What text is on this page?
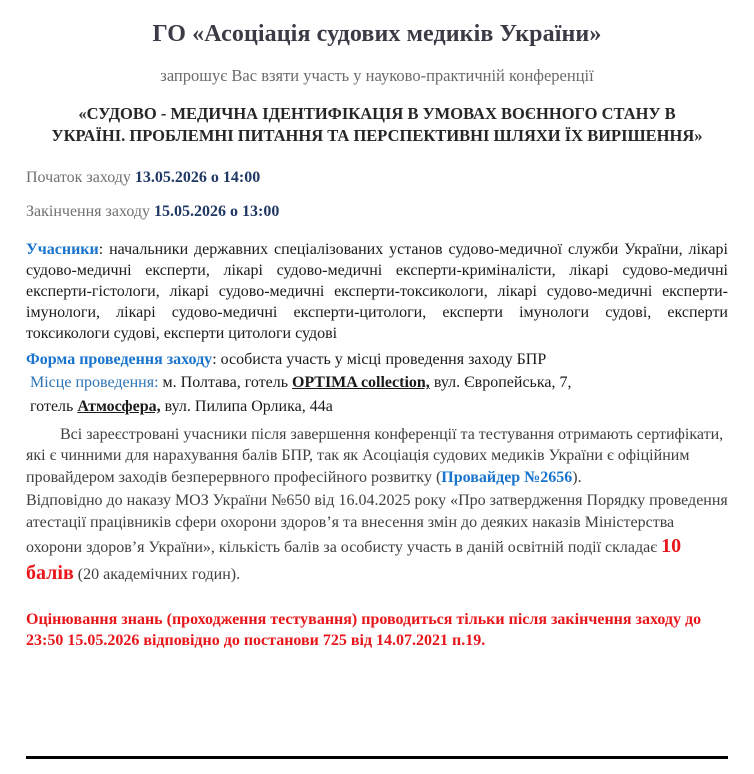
ГО «Асоціація судових медиків України»

запрошує Вас взяти участь у науково-практичній конференції

«СУДОВО - МЕДИЧНА ІДЕНТИФІКАЦІЯ В УМОВАХ ВОЄННОГО СТАНУ В УКРАЇНІ. ПРОБЛЕМНІ ПИТАННЯ ТА ПЕРСПЕКТИВНІ ШЛЯХИ ЇХ ВИРІШЕННЯ»

Початок заходу 13.05.2026 о 14:00

Закінчення заходу 15.05.2026 о 13:00

Учасники: начальники державних спеціалізованих установ судово-медичної служби України, лікарі судово-медичні експерти, лікарі судово-медичні експерти-криміналісти, лікарі судово-медичні експерти-гістологи, лікарі судово-медичні експерти-токсикологи, лікарі судово-медичні експерти-імунологи, лікарі судово-медичні експерти-цитологи, експерти імунологи судові, експерти токсикологи судові, експерти цитологи судові

Форма проведення заходу: особиста участь у місці проведення заходу БПР

Місце проведення: м. Полтава, готель OPTIMA collection, вул. Європейська, 7,

готель Атмосфера, вул. Пилипа Орлика, 44а

Всі зареєстровані учасники після завершення конференції та тестування отримають сертифікати, які є чинними для нарахування балів БПР, так як Асоціація судових медиків України є офіційним провайдером заходів безперервного професійного розвитку (Провайдер №2656).

Відповідно до наказу МОЗ України №650 від 16.04.2025 року «Про затвердження Порядку проведення атестації працівників сфери охорони здоров’я та внесення змін до деяких наказів Міністерства охорони здоров’я України», кількість балів за особисту участь в даній освітній події складає 10 балів (20 академічних годин).

Оцінювання знань (проходження тестування) проводиться тільки після закінчення заходу до 23:50 15.05.2026 відповідно до постанови 725 від 14.07.2021 п.19.
